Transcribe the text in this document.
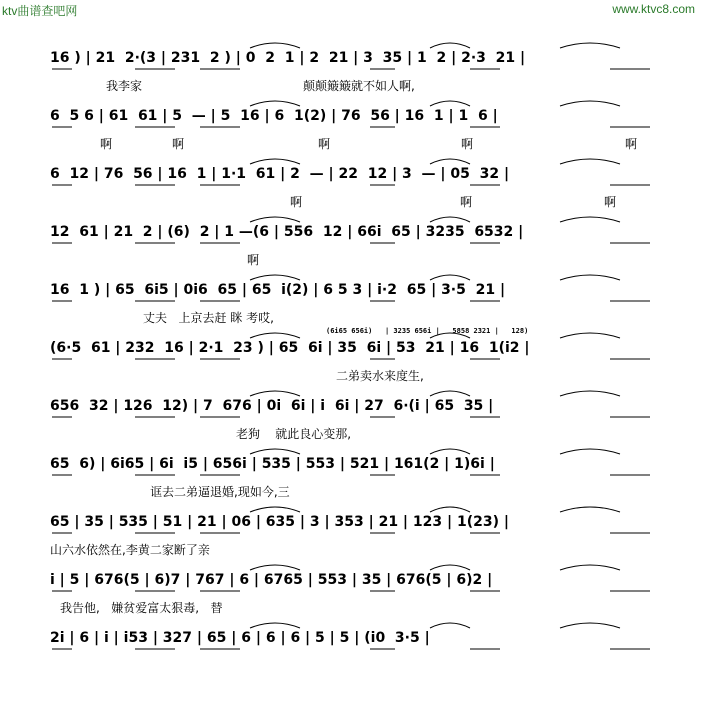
ktv曲谱查吧网	www.ktvc8.com
16 ) | 21  2·(3 | 231  2 ) | 0  2  1 | 2  21 | 3  35 | 1  2 | 2·3  21 |
我李家	颠颠簸簸就不如人啊,
6  5 6 | 61  61 | 5  — | 5  16 | 6  1(2) | 76  56 | 16  1 | 1  6 |
啊	啊	啊	啊	啊
6  12 | 76  56 | 16  1 | 1·1  61 | 2  — | 22  12 | 3  — | 05  32 |
啊	啊	啊
12  61 | 21  2 | (6)  2 | 1 —(6 | 556  12 | 66i  65 | 3235  6532 |
啊
16  1 ) | 65  6i5 | 0i6  65 | 65  i(2) | 6 5 3 | i·2  65 | 3·5  21 |
丈夫   上京去赶 眯 考哎,
(6·5  61 | 232  16 | 2·1  23 ) | 65  6i | 35  6i | 53  21 | 16  1(i2 |
(6i65 656i)   | 3235 656i |   5858 2321 |   128)
二弟卖水来度生,
656  32 | 126  12) | 7  676 | 0i  6i | i  6i | 27  6·(i | 65  35 |
老狗    就此良心变那,
65  6) | 6i65 | 6i  i5 | 656i | 535 | 553 | 521 | 161(2 | 1)6i |
诓去二弟逼退婚,现如今,三
65 | 35 | 535 | 51 | 21 | 06 | 635 | 3 | 353 | 21 | 123 | 1(23) |
山六水依然在,李黄二家断了亲
i | 5 | 676(5 | 6)7 | 767 | 6 | 6765 | 553 | 35 | 676(5 | 6)2 |
我告他,   嫌贫爱富太狠毒,   替
2i | 6 | i | i53 | 327 | 65 | 6 | 6 | 6 | 5 | 5 | (i0  3·5 |
